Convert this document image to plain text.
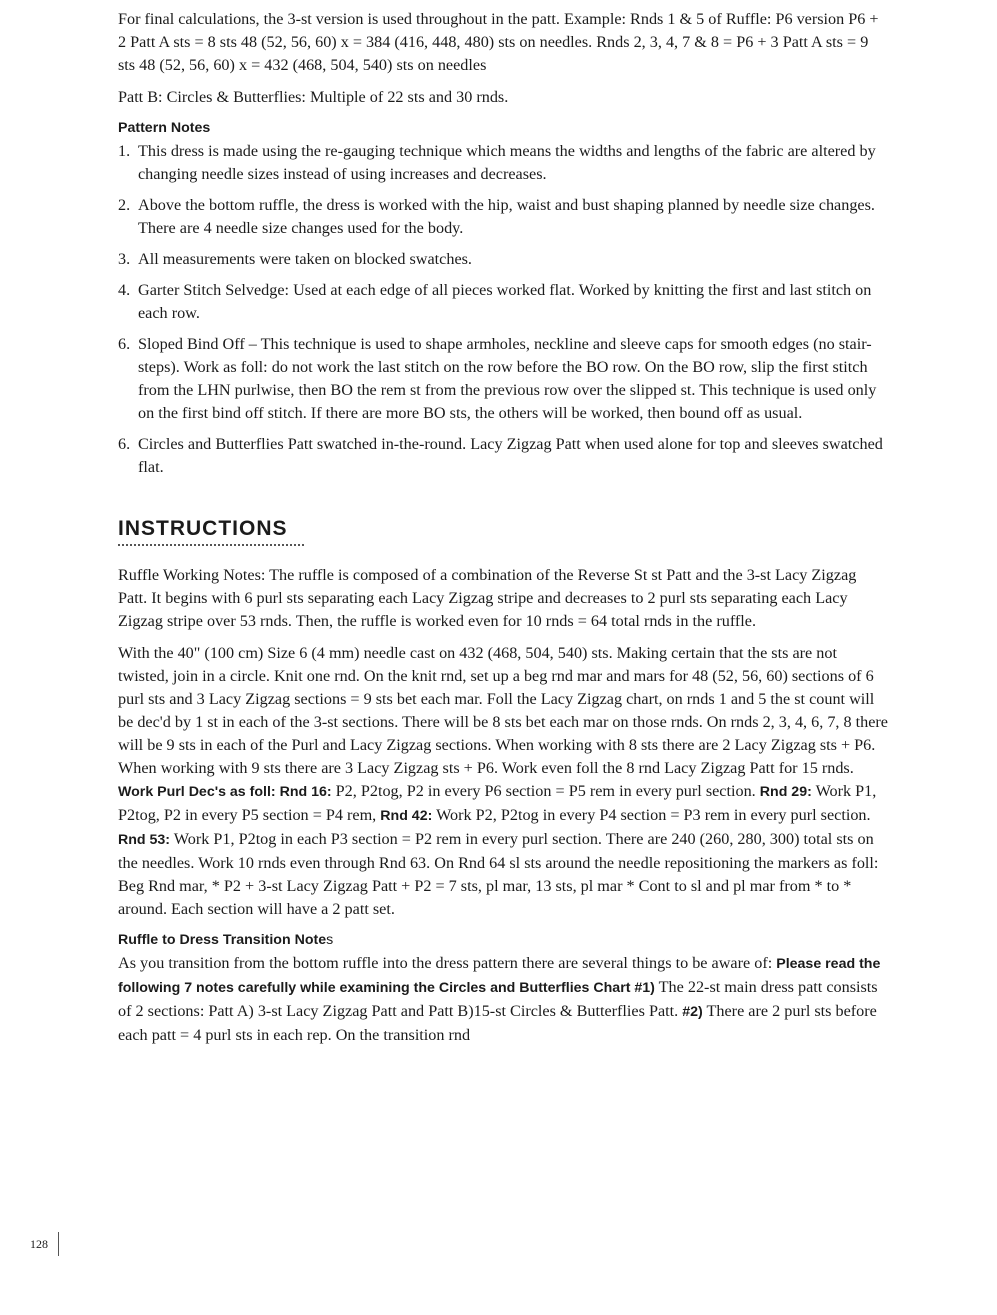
For final calculations, the 3-st version is used throughout in the patt. Example: Rnds 1 & 5 of Ruffle: P6 version P6 + 2 Patt A sts = 8 sts 48 (52, 56, 60) x = 384 (416, 448, 480) sts on needles. Rnds 2, 3, 4, 7 & 8 = P6 + 3 Patt A sts = 9 sts 48 (52, 56, 60) x = 432 (468, 504, 540) sts on needles

Patt B: Circles & Butterflies: Multiple of 22 sts and 30 rnds.

Pattern Notes
1. This dress is made using the re-gauging technique which means the widths and lengths of the fabric are altered by changing needle sizes instead of using increases and decreases.
2. Above the bottom ruffle, the dress is worked with the hip, waist and bust shaping planned by needle size changes. There are 4 needle size changes used for the body.
3. All measurements were taken on blocked swatches.
4. Garter Stitch Selvedge: Used at each edge of all pieces worked flat. Worked by knitting the first and last stitch on each row.
6. Sloped Bind Off – This technique is used to shape armholes, neckline and sleeve caps for smooth edges (no stair-steps). Work as foll: do not work the last stitch on the row before the BO row. On the BO row, slip the first stitch from the LHN purlwise, then BO the rem st from the previous row over the slipped st. This technique is used only on the first bind off stitch. If there are more BO sts, the others will be worked, then bound off as usual.
6. Circles and Butterflies Patt swatched in-the-round. Lacy Zigzag Patt when used alone for top and sleeves swatched flat.
INSTRUCTIONS

Ruffle Working Notes: The ruffle is composed of a combination of the Reverse St st Patt and the 3-st Lacy Zigzag Patt. It begins with 6 purl sts separating each Lacy Zigzag stripe and decreases to 2 purl sts separating each Lacy Zigzag stripe over 53 rnds. Then, the ruffle is worked even for 10 rnds = 64 total rnds in the ruffle.

With the 40" (100 cm) Size 6 (4 mm) needle cast on 432 (468, 504, 540) sts. Making certain that the sts are not twisted, join in a circle. Knit one rnd. On the knit rnd, set up a beg rnd mar and mars for 48 (52, 56, 60) sections of 6 purl sts and 3 Lacy Zigzag sections = 9 sts bet each mar. Foll the Lacy Zigzag chart, on rnds 1 and 5 the st count will be dec'd by 1 st in each of the 3-st sections. There will be 8 sts bet each mar on those rnds. On rnds 2, 3, 4, 6, 7, 8 there will be 9 sts in each of the Purl and Lacy Zigzag sections. When working with 8 sts there are 2 Lacy Zigzag sts + P6. When working with 9 sts there are 3 Lacy Zigzag sts + P6. Work even foll the 8 rnd Lacy Zigzag Patt for 15 rnds. Work Purl Dec's as foll: Rnd 16: P2, P2tog, P2 in every P6 section = P5 rem in every purl section. Rnd 29: Work P1, P2tog, P2 in every P5 section = P4 rem, Rnd 42: Work P2, P2tog in every P4 section = P3 rem in every purl section. Rnd 53: Work P1, P2tog in each P3 section = P2 rem in every purl section. There are 240 (260, 280, 300) total sts on the needles. Work 10 rnds even through Rnd 63. On Rnd 64 sl sts around the needle repositioning the markers as foll: Beg Rnd mar, * P2 + 3-st Lacy Zigzag Patt + P2 = 7 sts, pl mar, 13 sts, pl mar * Cont to sl and pl mar from * to * around. Each section will have a 2 patt set.

Ruffle to Dress Transition Notes

As you transition from the bottom ruffle into the dress pattern there are several things to be aware of: Please read the following 7 notes carefully while examining the Circles and Butterflies Chart #1) The 22-st main dress patt consists of 2 sections: Patt A) 3-st Lacy Zigzag Patt and Patt B)15-st Circles & Butterflies Patt. #2) There are 2 purl sts before each patt = 4 purl sts in each rep. On the transition rnd

128
